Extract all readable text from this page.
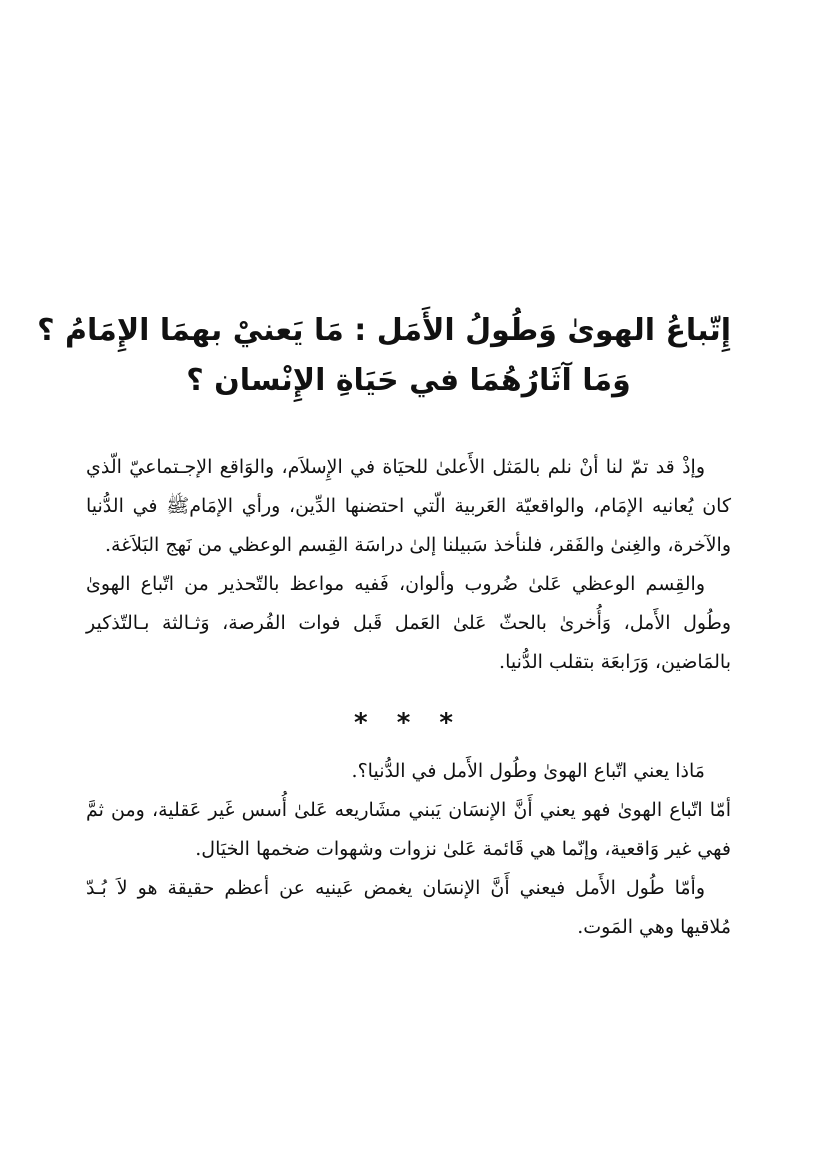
إِتّباعُ الهوىٰ وَطُولُ الأَمَل : مَا يَعنيْ بهمَا الإِمَامُ ؟
وَمَا آثَارُهُمَا في حَيَاةِ الإِنْسان ؟

وإذْ قد تمّ لنا أنْ نلم بالمَثل الأَعلىٰ للحيَاة في الإِسلاَم، والوَاقع الإجـتماعيّ الّذي كان يُعانيه الإمَام، والواقعيّة العَربية الّتي احتضنها الدِّين، ورأي الإمَامﷺ في الدُّنيا والآخرة، والغِنىٰ والفَقر، فلنأخذ سَبيلنا إلىٰ دراسَة القِسم الوعظي من نَهج البَلاَغة.

والقِسم الوعظي عَلىٰ ضُروب وألوان، فَفيه مواعظ بالتّحذير من اتّباع الهوىٰ وطُول الأَمل، وَأُخرىٰ بالحثّ عَلىٰ العَمل قَبل فوات الفُرصة، وَثـالثة بـالتّذكير بالمَاضين، وَرَابعَة بتقلب الدُّنيا.

* * *

مَاذا يعني اتّباع الهوىٰ وطُول الأَمل في الدُّنيا؟.

أمّا اتّباع الهوىٰ فهو يعني أَنَّ الإنسَان يَبني مشَاريعه عَلىٰ أُسس غَير عَقلية، ومن ثمَّ فهي غير وَاقعية، وإنّما هي قَائمة عَلىٰ نزوات وشهوات ضخمها الخيَال.

وأمّا طُول الأَمل فيعني أَنَّ الإنسَان يغمض عَينيه عن أعظم حقيقة هو لاَ بُـدّ مُلاقيها وهي المَوت.
